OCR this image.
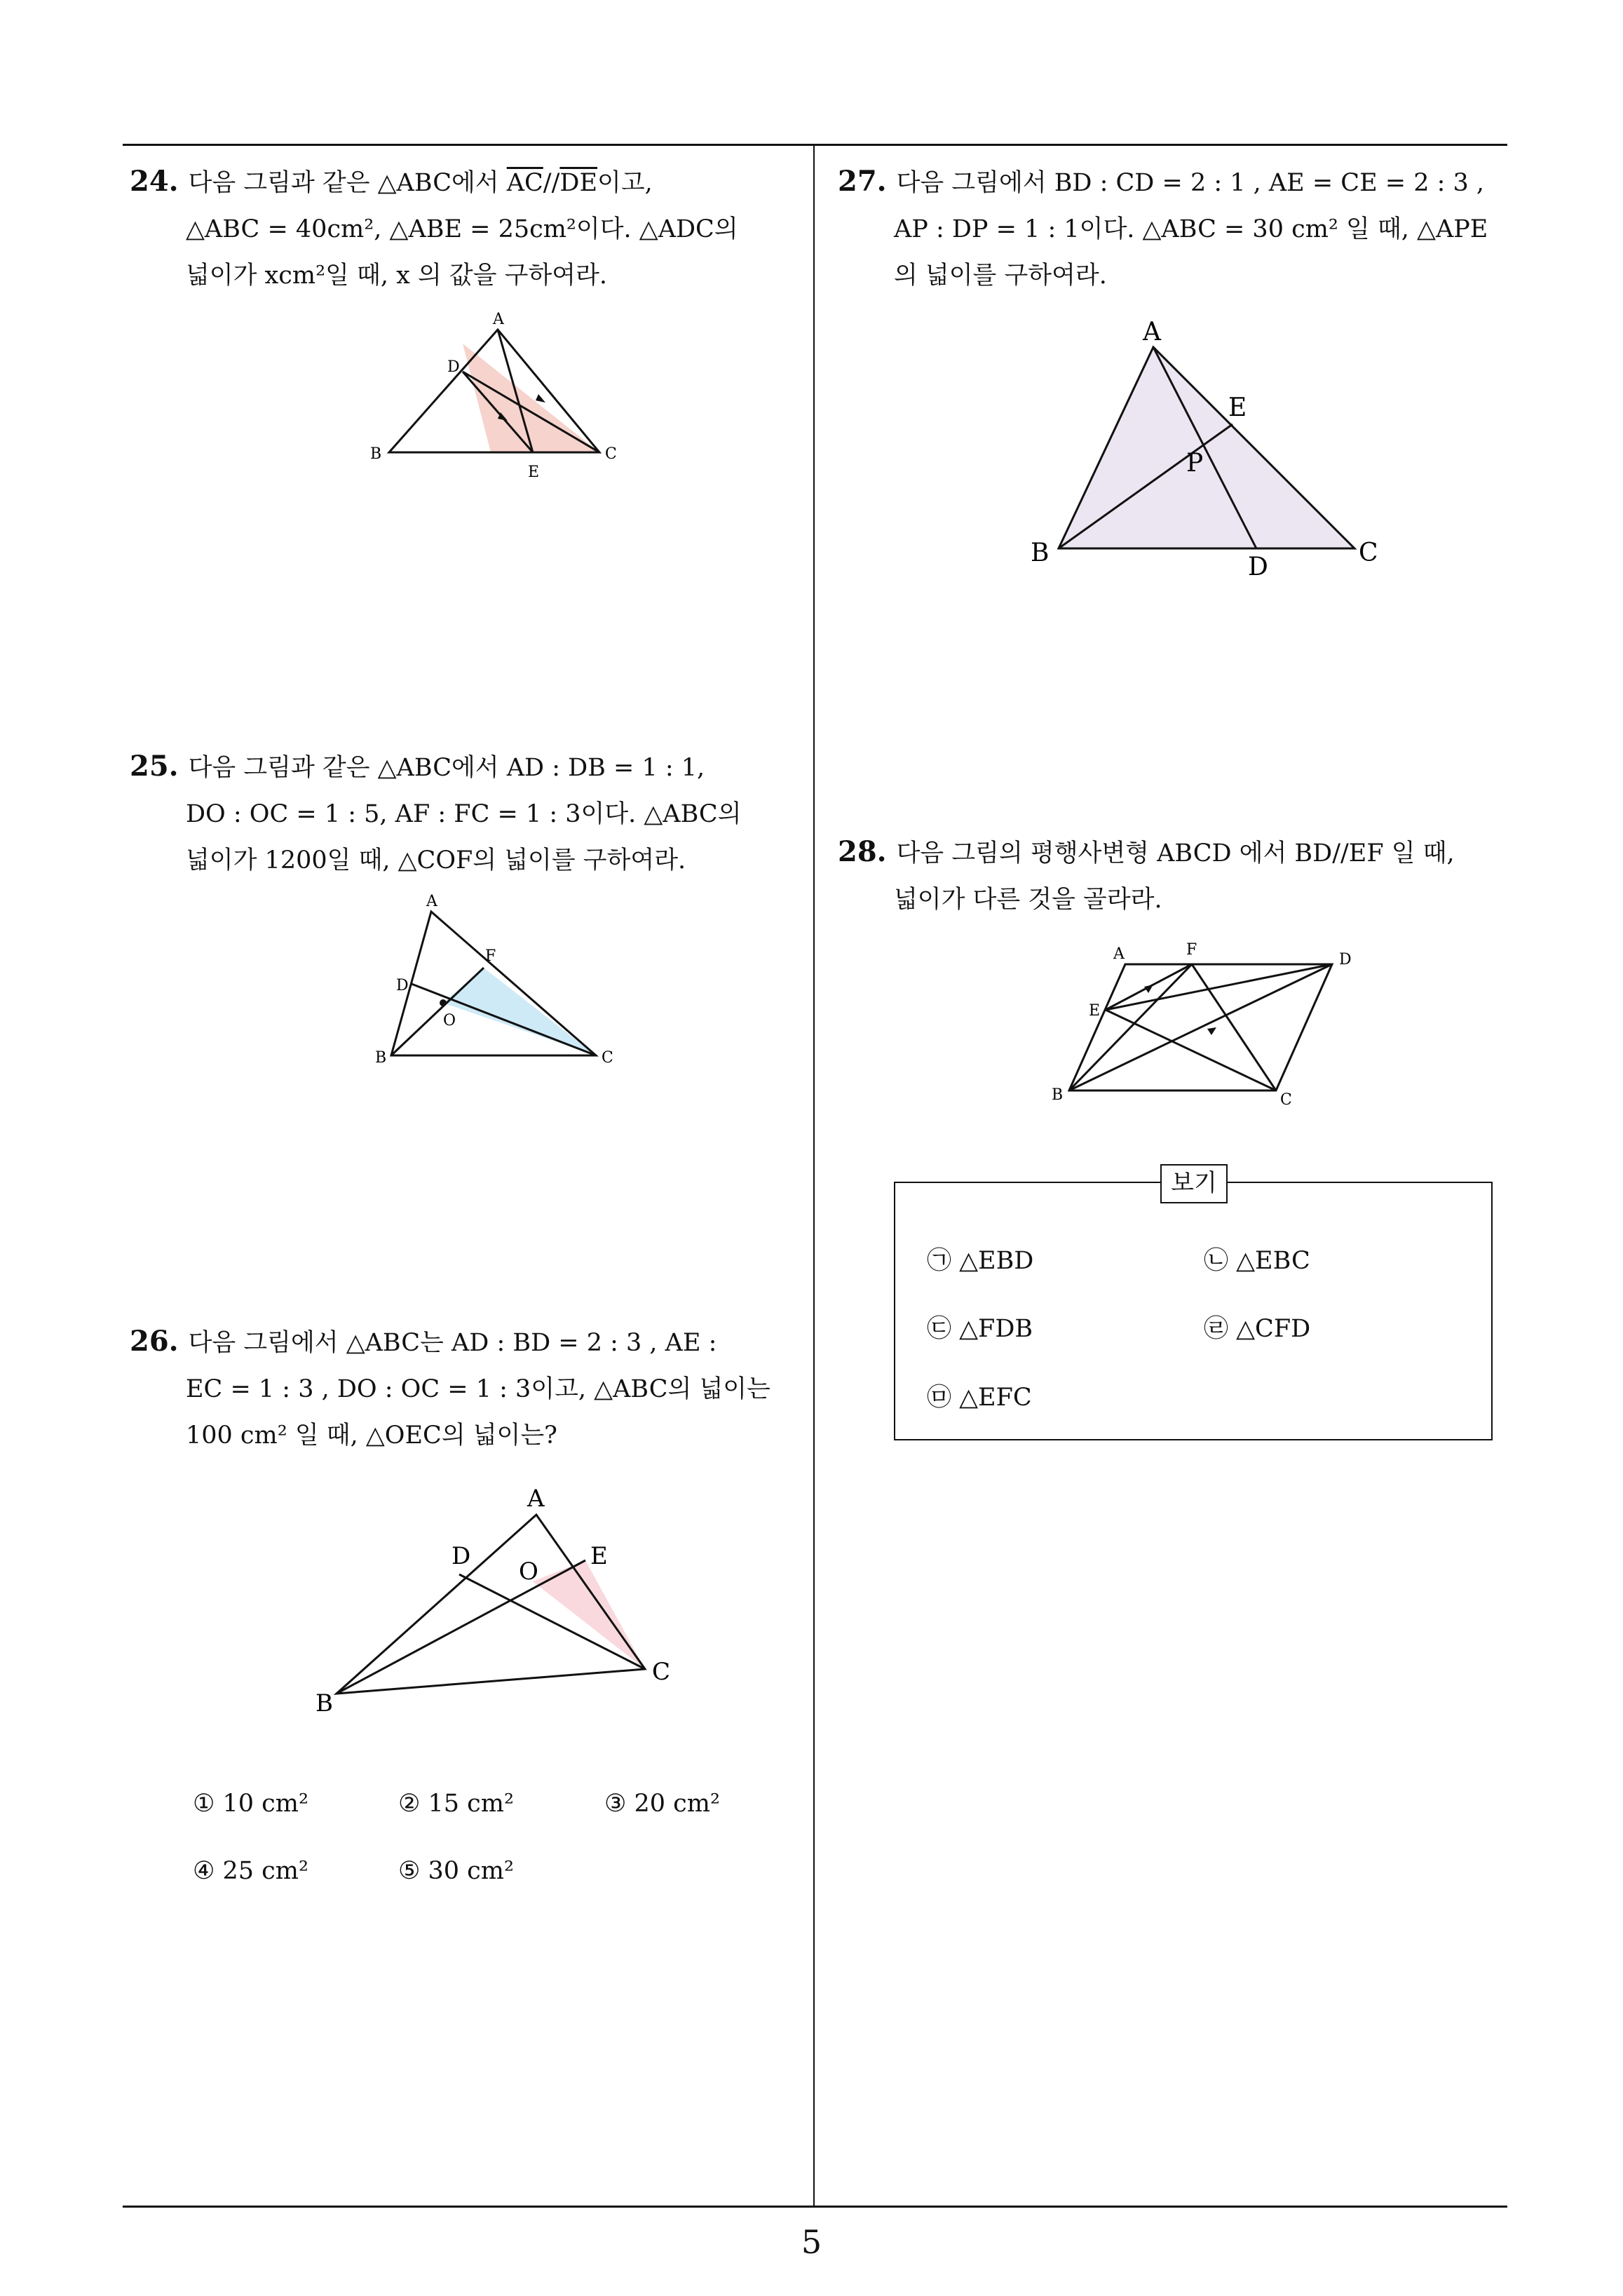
24. 다음 그림과 같은 △ABC에서 $\overline{AC}//\overline{DE}$이고,
△ABC = 40cm², △ABE = 25cm²이다. △ADC의
넓이가 xcm²일 때, x 의 값을 구하여라.
A
D
B
E
C
25. 다음 그림과 같은 △ABC에서 AD : DB = 1 : 1,
DO : OC = 1 : 5, AF : FC = 1 : 3이다. △ABC의
넓이가 1200일 때, △COF의 넓이를 구하여라.
A
F
D
O
B	C
26. 다음 그림에서 △ABC는 AD : BD = 2 : 3 , AE :
EC = 1 : 3 , DO : OC = 1 : 3이고, △ABC의 넓이는
100 cm² 일 때, △OEC의 넓이는?
A
D	E
O
B
C
① 10 cm²	② 15 cm²	③ 20 cm²
④ 25 cm²	⑤ 30 cm²
27. 다음 그림에서 BD : CD = 2 : 1 , AE = CE = 2 : 3 ,
AP : DP = 1 : 1이다. △ABC = 30 cm² 일 때, △APE
의 넓이를 구하여라.
A
E
P
B	D	C
28. 다음 그림의 평행사변형 ABCD 에서 BD//EF 일 때,
넓이가 다른 것을 골라라.
A	F
D
E
B	C
보기
㉠ △EBD	㉡ △EBC
㉢ △FDB	㉣ △CFD
㉤ △EFC
5
